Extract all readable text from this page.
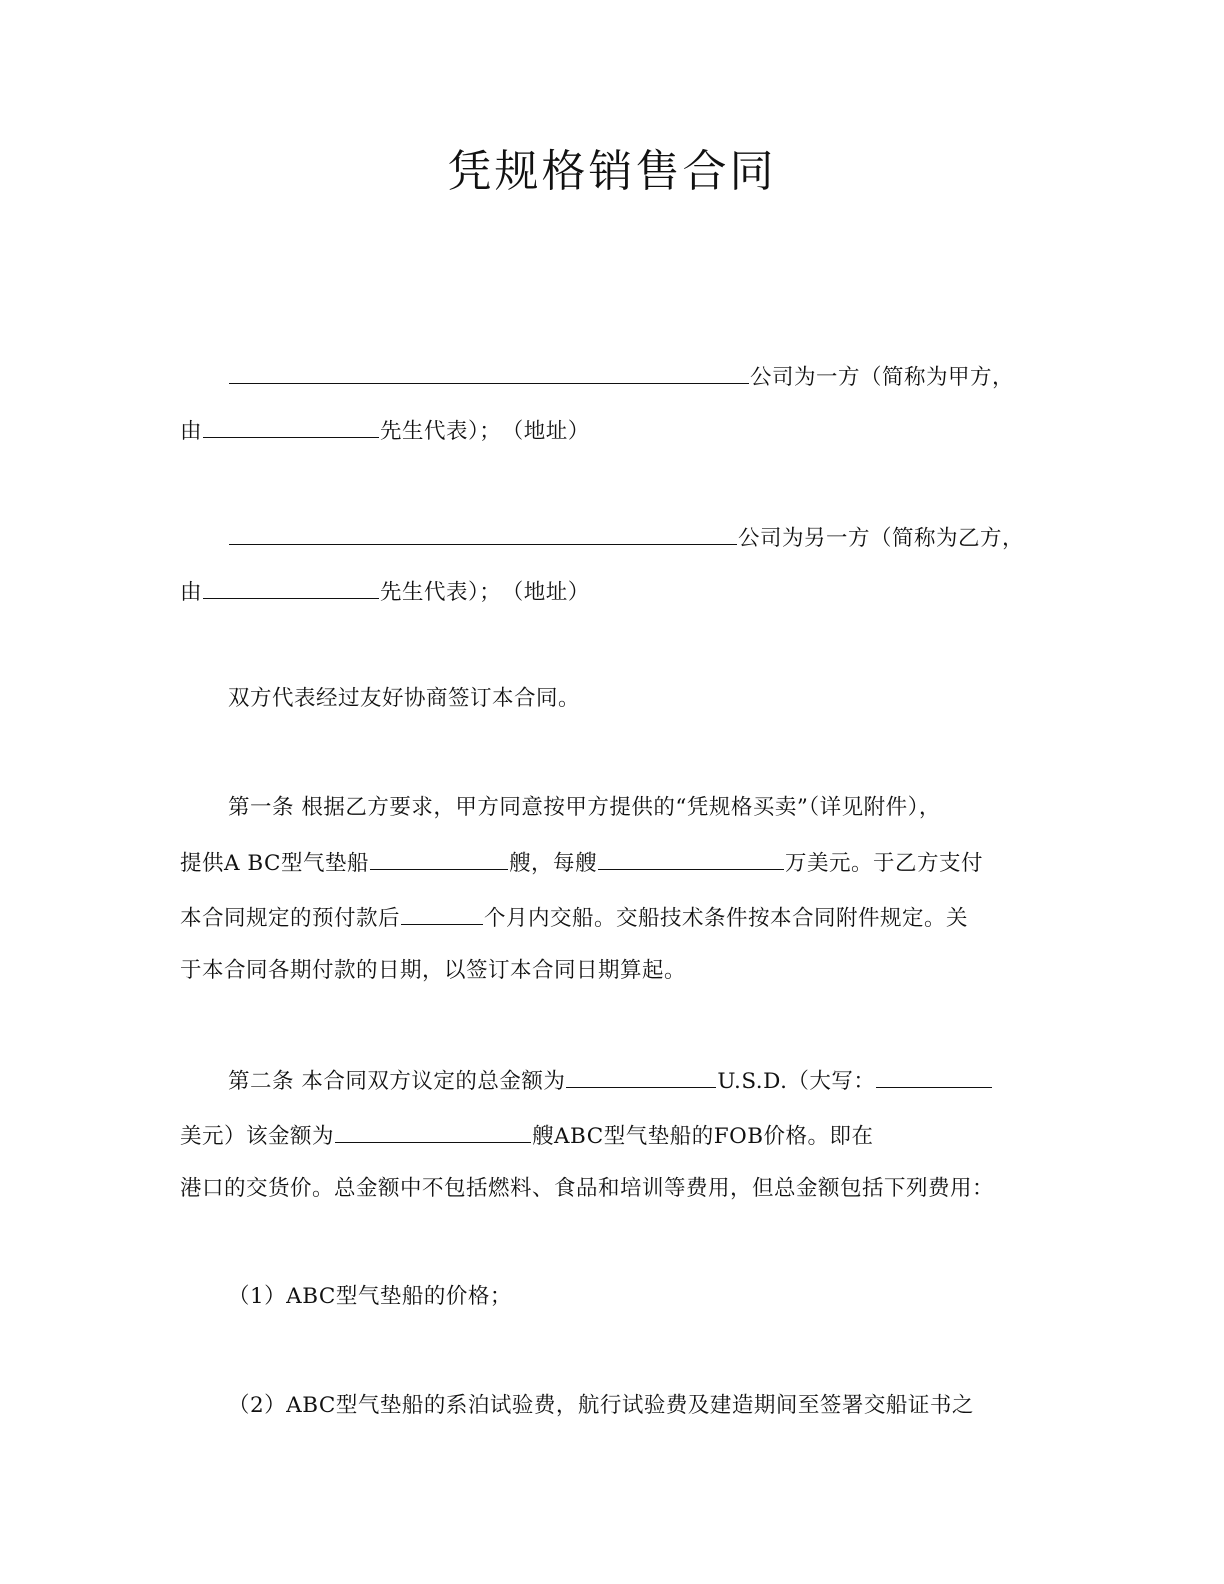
凭规格销售合同
公司为一方（简称为甲方，
由	先生代表）；　（地址）
公司为另一方（简称为乙方，
由	先生代表）；　（地址）
双方代表经过友好协商签订本合同。
第一条 根据乙方要求，甲方同意按甲方提供的“凭规格买卖”（详见附件），
提供A BC型气垫船	艘，每艘	万美元。于乙方支付
本合同规定的预付款后	个月内交船。交船技术条件按本合同附件规定。关
于本合同各期付款的日期，以签订本合同日期算起。
第二条 本合同双方议定的总金额为	U.S.D.（大写：
美元）该金额为	艘ABC型气垫船的FOB价格。即在
港口的交货价。总金额中不包括燃料、食品和培训等费用，但总金额包括下列费用：
（1）ABC型气垫船的价格；
（2）ABC型气垫船的系泊试验费，航行试验费及建造期间至签署交船证书之
